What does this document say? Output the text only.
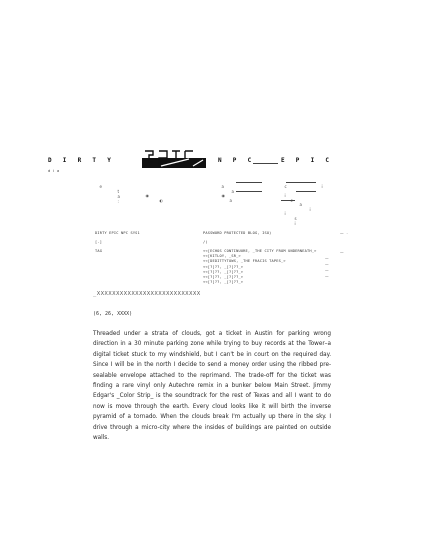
DIRTY	NPC	EPIC
d  i  a

e
t
a
:

◉
◐

a
a

c	i

◉
a

i
c

a
i

i
s
i

DIRTY EPIC NPC SYS1
[-]
TAG
PASSWORD PROTECTED BLOG, ISO)
/)
<<[ECHOS CONTINUURE, _THE CITY FROM UNDERNEATH_>
<<[KITLOY, _SR_>
<<[DEDITTYTOWS, _THE FRACIS TAPES_>
<<[?]??, _[?]??_>
<<[?]??, _[?]??_>
<<[?]??, _[?]??_>
<<[?]??, _[?]??_>
—  .
—
—
—
—
—
_XXXXXXXXXXXXXXXXXXXXXXXXXXX
(6, 26, XXXX)

Threaded under a strata of clouds, got a ticket in Austin for parking wrong direction in a 30 minute parking zone while trying to buy records at the Tower–a digital ticket stuck to my windshield, but I can't be in court on the required day. Since I will be in the north I decide to send a money order using the ribbed pre-sealable envelope attached to the reprimand. The trade-off for the ticket was finding a rare vinyl only Autechre remix in a bunker below Main Street. Jimmy Edgar's _Color Strip_ is the soundtrack for the rest of Texas and all I want to do now is move through the earth. Every cloud looks like it will birth the inverse pyramid of a tornado. When the clouds break I'm actually up there in the sky. I drive through a micro-city where the insides of buildings are painted on outside walls.
